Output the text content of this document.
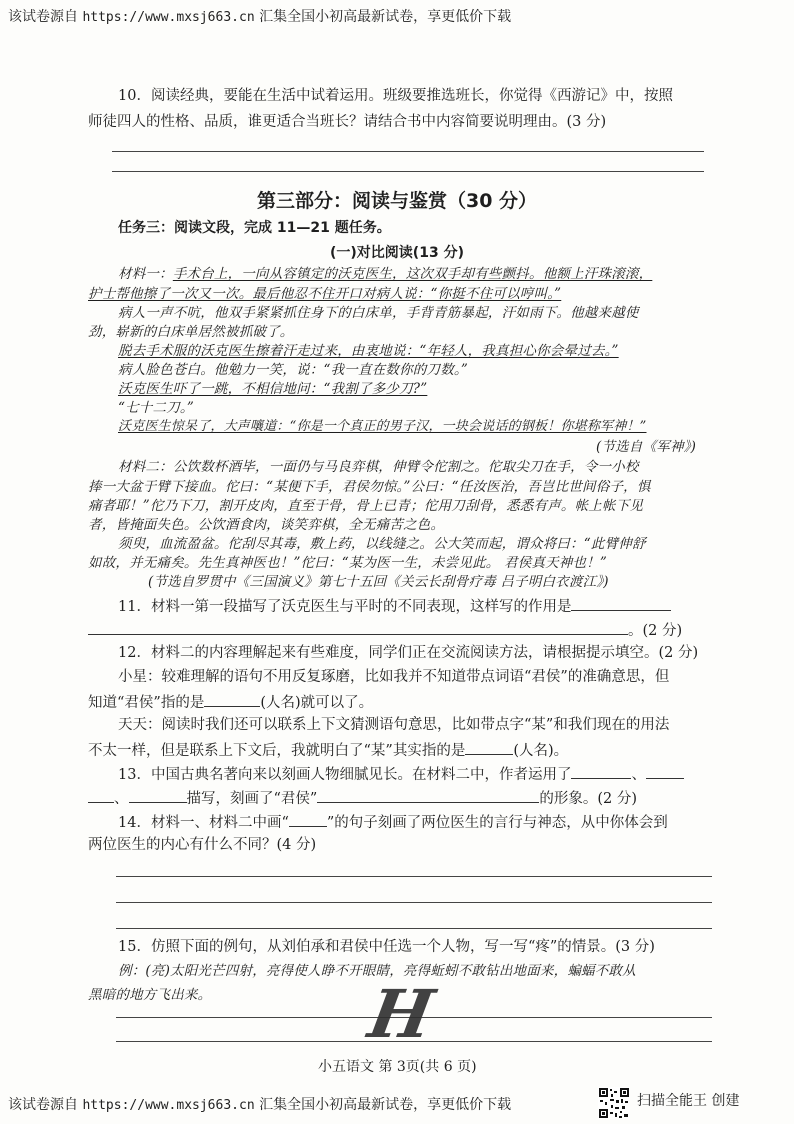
该试卷源自 https://www.mxsj663.cn 汇集全国小初高最新试卷，享更低价下载
10．阅读经典，要能在生活中试着运用。班级要推选班长，你觉得《西游记》中，按照
师徒四人的性格、品质，谁更适合当班长？请结合书中内容简要说明理由。(3 分)
第三部分：阅读与鉴赏（30 分）
任务三：阅读文段，完成 11—21 题任务。
(一)对比阅读(13 分)
材料一：手术台上，一向从容镇定的沃克医生，这次双手却有些颤抖。他额上汗珠滚滚，
护士帮他擦了一次又一次。最后他忍不住开口对病人说：“你挺不住可以哼叫。”
病人一声不吭，他双手紧紧抓住身下的白床单，手背青筋暴起，汗如雨下。他越来越使
劲，崭新的白床单居然被抓破了。
脱去手术服的沃克医生擦着汗走过来，由衷地说：“年轻人，我真担心你会晕过去。”
病人脸色苍白。他勉力一笑，说：“我一直在数你的刀数。”
沃克医生吓了一跳，不相信地问：“我割了多少刀?”
“七十二刀。”
沃克医生惊呆了，大声嚷道：“你是一个真正的男子汉，一块会说话的钢板！你堪称军神！”
(节选自《军神》)
材料二：公饮数杯酒毕，一面仍与马良弈棋，伸臂令佗割之。佗取尖刀在手，令一小校
捧一大盆于臂下接血。佗曰：“某便下手，君侯勿惊。”公曰：“任汝医治，吾岂比世间俗子，惧
痛者耶！”佗乃下刀，割开皮肉，直至于骨，骨上已青；佗用刀刮骨，悉悉有声。帐上帐下见
者，皆掩面失色。公饮酒食肉，谈笑弈棋，全无痛苦之色。
须臾，血流盈盆。佗刮尽其毒，敷上药，以线缝之。公大笑而起，谓众将曰：“此臂伸舒
如故，并无痛矣。先生真神医也！”佗曰：“某为医一生，未尝见此。 君侯真天神也！”
(节选自罗贯中《三国演义》第七十五回《关云长刮骨疗毒 吕子明白衣渡江》)
11．材料一第一段描写了沃克医生与平时的不同表现，这样写的作用是
。(2 分)
12．材料二的内容理解起来有些难度，同学们正在交流阅读方法，请根据提示填空。(2 分)
小星：较难理解的语句不用反复琢磨，比如我并不知道带点词语“君侯”的准确意思，但
知道“君侯”指的是	(人名)就可以了。
天天：阅读时我们还可以联系上下文猜测语句意思，比如带点字“某”和我们现在的用法
不太一样，但是联系上下文后，我就明白了“某”其实指的是	(人名)。
13．中国古典名著向来以刻画人物细腻见长。在材料二中，作者运用了	、
、	描写，刻画了“君侯”	的形象。(2 分)
14．材料一、材料二中画“	”的句子刻画了两位医生的言行与神态，从中你体会到
两位医生的内心有什么不同？(4 分)
15．仿照下面的例句，从刘伯承和君侯中任选一个人物，写一写“疼”的情景。(3 分)
例：(亮)太阳光芒四射，亮得使人睁不开眼睛，亮得蚯蚓不敢钻出地面来，蝙蝠不敢从
黑暗的地方飞出来。 H
小五语文 第 3页(共 6 页)
该试卷源自 https://www.mxsj663.cn 汇集全国小初高最新试卷，享更低价下载	扫描全能王 创建
